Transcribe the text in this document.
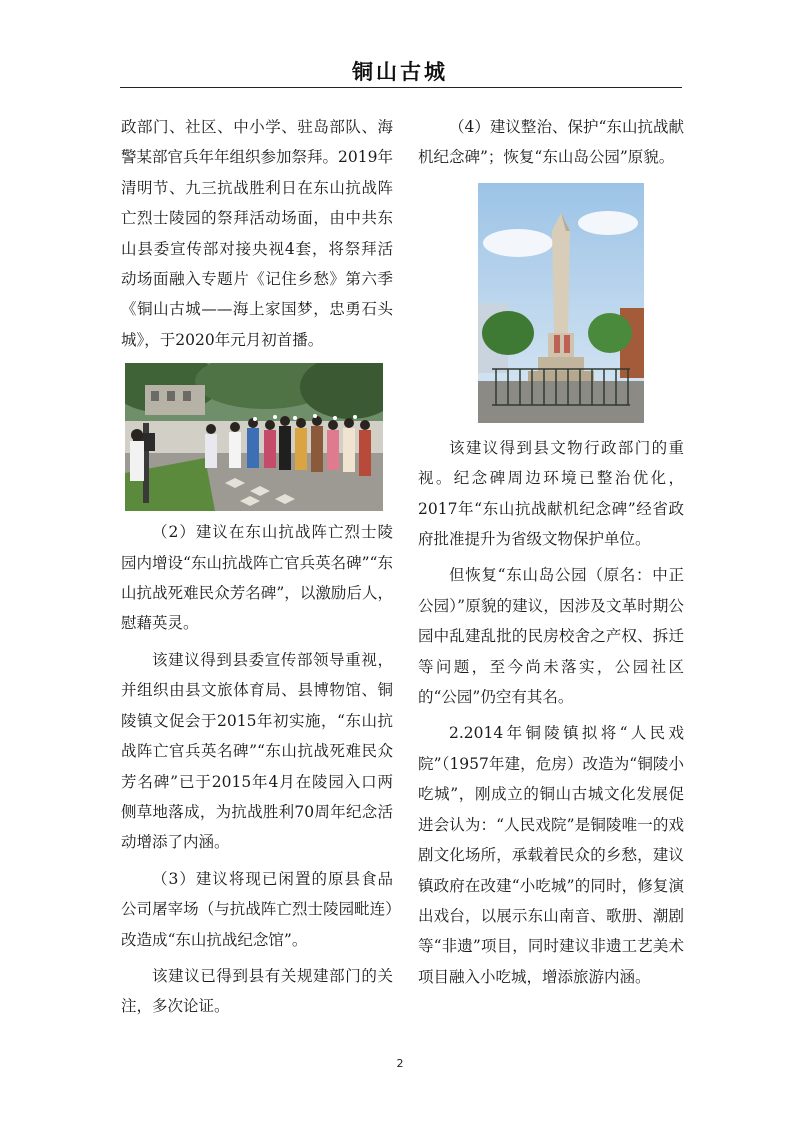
铜山古城

政部门、社区、中小学、驻岛部队、海警某部官兵年年组织参加祭拜。2019年清明节、九三抗战胜利日在东山抗战阵亡烈士陵园的祭拜活动场面，由中共东山县委宣传部对接央视4套，将祭拜活动场面融入专题片《记住乡愁》第六季《铜山古城——海上家国梦，忠勇石头城》，于2020年元月初首播。

（2）建议在东山抗战阵亡烈士陵园内增设“东山抗战阵亡官兵英名碑”“东山抗战死难民众芳名碑”，以激励后人，慰藉英灵。

该建议得到县委宣传部领导重视，并组织由县文旅体育局、县博物馆、铜陵镇文促会于2015年初实施，“东山抗战阵亡官兵英名碑”“东山抗战死难民众芳名碑”已于2015年4月在陵园入口两侧草地落成，为抗战胜利70周年纪念活动增添了内涵。

（3）建议将现已闲置的原县食品公司屠宰场（与抗战阵亡烈士陵园毗连）改造成“东山抗战纪念馆”。

该建议已得到县有关规建部门的关注，多次论证。

（4）建议整治、保护“东山抗战献机纪念碑”；恢复“东山岛公园”原貌。

该建议得到县文物行政部门的重视。纪念碑周边环境已整治优化，2017年“东山抗战献机纪念碑”经省政府批准提升为省级文物保护单位。

但恢复“东山岛公园（原名：中正公园）”原貌的建议，因涉及文革时期公园中乱建乱批的民房校舍之产权、拆迁等问题，至今尚未落实，公园社区的“公园”仍空有其名。

2.2014年铜陵镇拟将“人民戏院”（1957年建，危房）改造为“铜陵小吃城”，刚成立的铜山古城文化发展促进会认为：“人民戏院”是铜陵唯一的戏剧文化场所，承载着民众的乡愁，建议镇政府在改建“小吃城”的同时，修复演出戏台，以展示东山南音、歌册、潮剧等“非遗”项目，同时建议非遗工艺美术项目融入小吃城，增添旅游内涵。

2
